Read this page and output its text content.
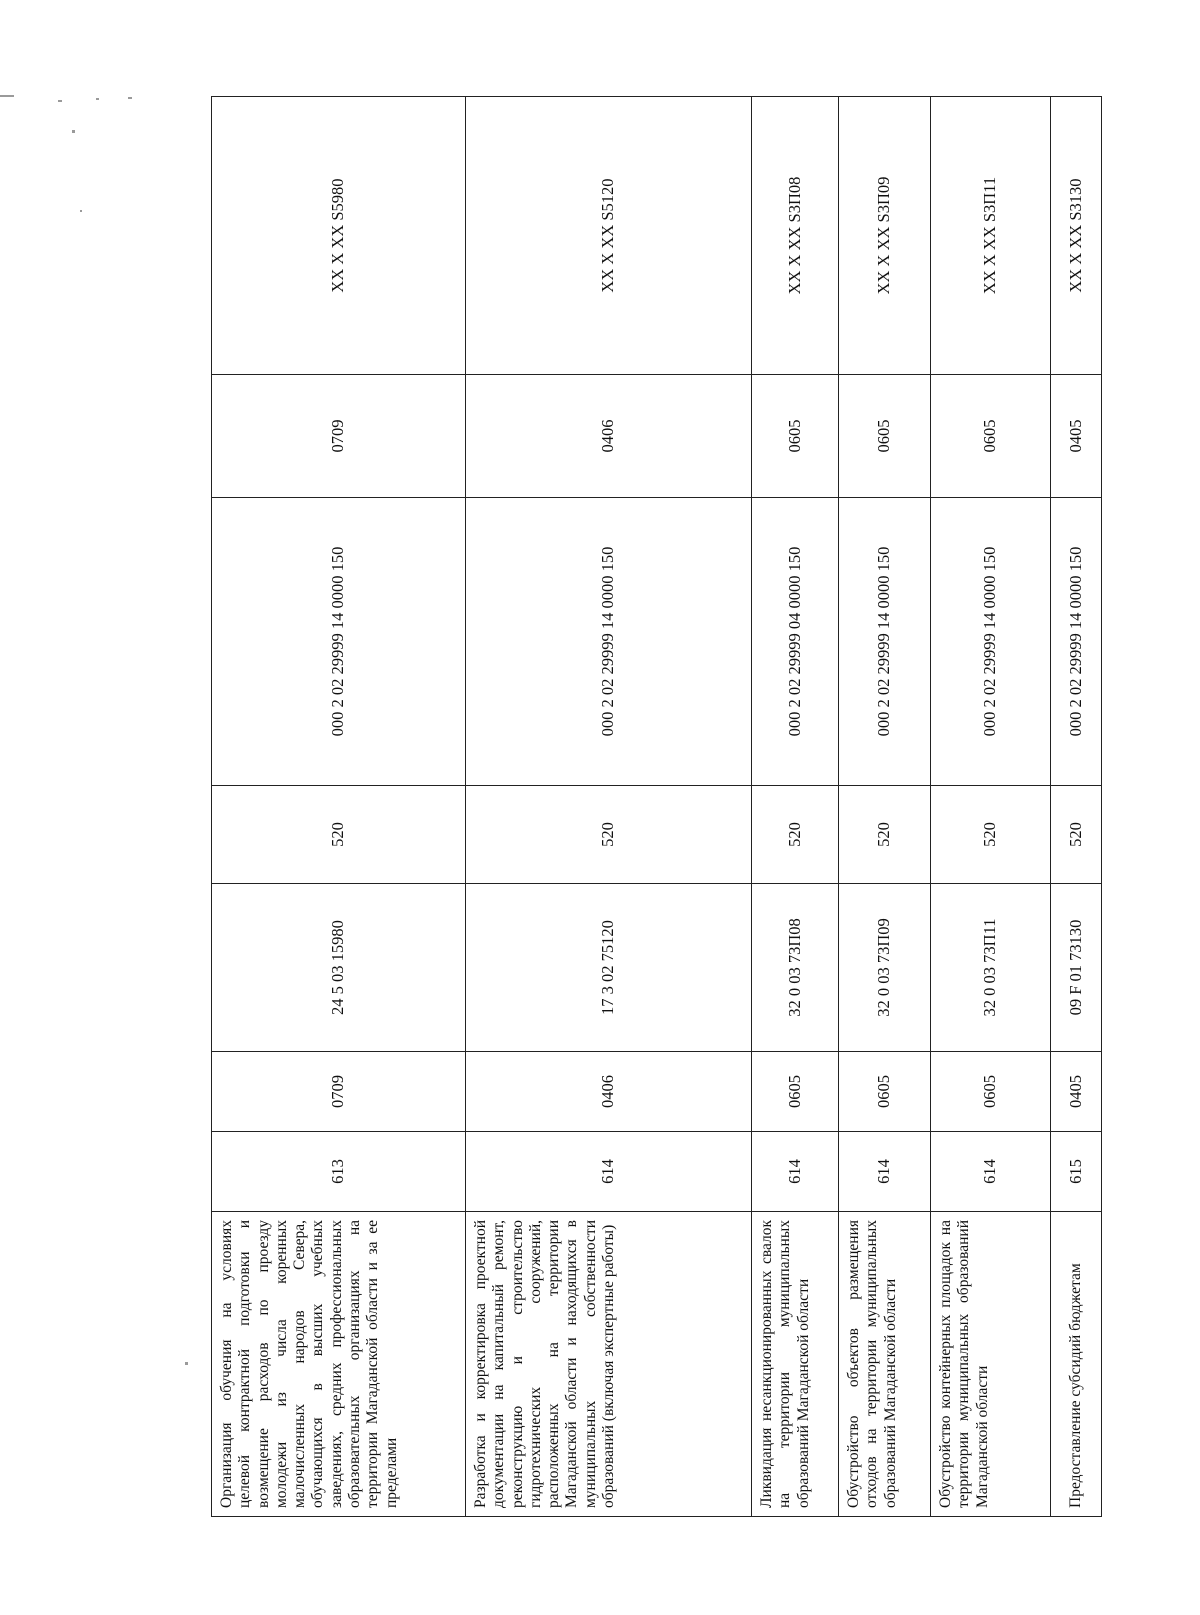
Организация обучения на условиях целевой контрактной подготовки и возмещение расходов по проезду молодежи из числа коренных малочисленных народов Севера, обучающихся в высших учебных заведениях, средних профессиональных образовательных организациях на территории Магаданской области и за ее пределами	613	0709	24 5 03 15980	520	000 2 02 29999 14 0000 150	0709	XX X XX S5980

Разработка и корректировка проектной документации на капитальный ремонт, реконструкцию и строительство гидротехнических сооружений, расположенных на территории Магаданской области и находящихся в муниципальных собственности образований (включая экспертные работы)	614	0406	17 3 02 75120	520	000 2 02 29999 14 0000 150	0406	XX X XX S5120

Ликвидация несанкционированных свалок на территории муниципальных образований Магаданской области	614	0605	32 0 03 73П08	520	000 2 02 29999 04 0000 150	0605	XX X XX S3П08

Обустройство объектов размещения отходов на территории муниципальных образований Магаданской области	614	0605	32 0 03 73П09	520	000 2 02 29999 14 0000 150	0605	XX X XX S3П09

Обустройство контейнерных площадок на территории муниципальных образований Магаданской области	614	0605	32 0 03 73П11	520	000 2 02 29999 14 0000 150	0605	XX X XX S3П11

Предоставление субсидий бюджетам	615	0405	09 F 01 73130	520	000 2 02 29999 14 0000 150	0405	XX X XX S3130
